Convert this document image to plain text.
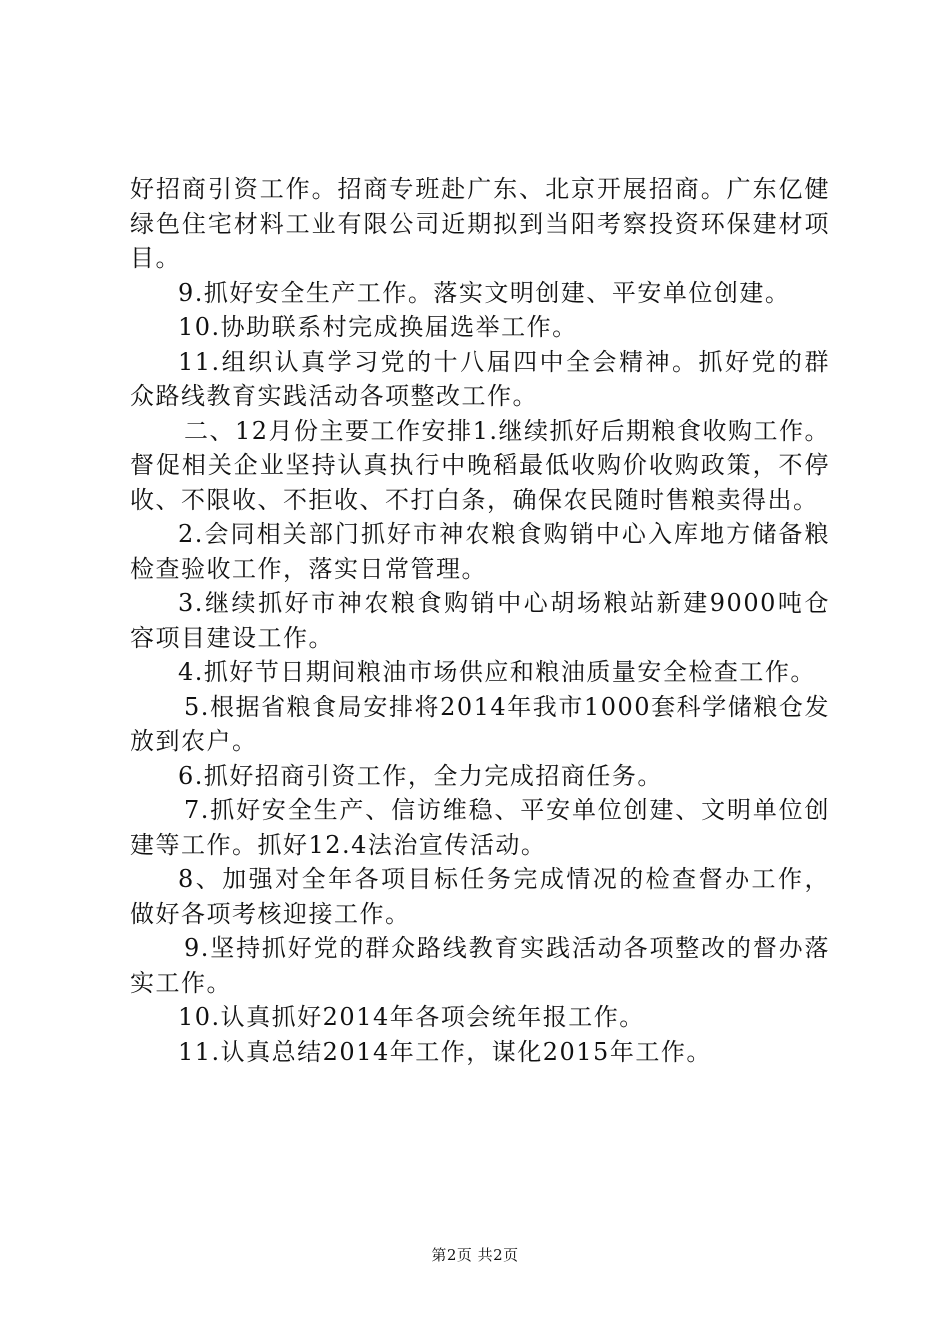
好招商引资工作。招商专班赴广东、北京开展招商。广东亿健绿色住宅材料工业有限公司近期拟到当阳考察投资环保建材项目。

9.抓好安全生产工作。落实文明创建、平安单位创建。

10.协助联系村完成换届选举工作。

11.组织认真学习党的十八届四中全会精神。抓好党的群众路线教育实践活动各项整改工作。

二、12月份主要工作安排1.继续抓好后期粮食收购工作。督促相关企业坚持认真执行中晚稻最低收购价收购政策，不停收、不限收、不拒收、不打白条，确保农民随时售粮卖得出。

2.会同相关部门抓好市神农粮食购销中心入库地方储备粮检查验收工作，落实日常管理。

3.继续抓好市神农粮食购销中心胡场粮站新建9000吨仓容项目建设工作。

4.抓好节日期间粮油市场供应和粮油质量安全检查工作。

5.根据省粮食局安排将2014年我市1000套科学储粮仓发放到农户。

6.抓好招商引资工作，全力完成招商任务。

7.抓好安全生产、信访维稳、平安单位创建、文明单位创建等工作。抓好12.4法治宣传活动。

8、加强对全年各项目标任务完成情况的检查督办工作，做好各项考核迎接工作。

9.坚持抓好党的群众路线教育实践活动各项整改的督办落实工作。

10.认真抓好2014年各项会统年报工作。

11.认真总结2014年工作，谋化2015年工作。

第2页 共2页
